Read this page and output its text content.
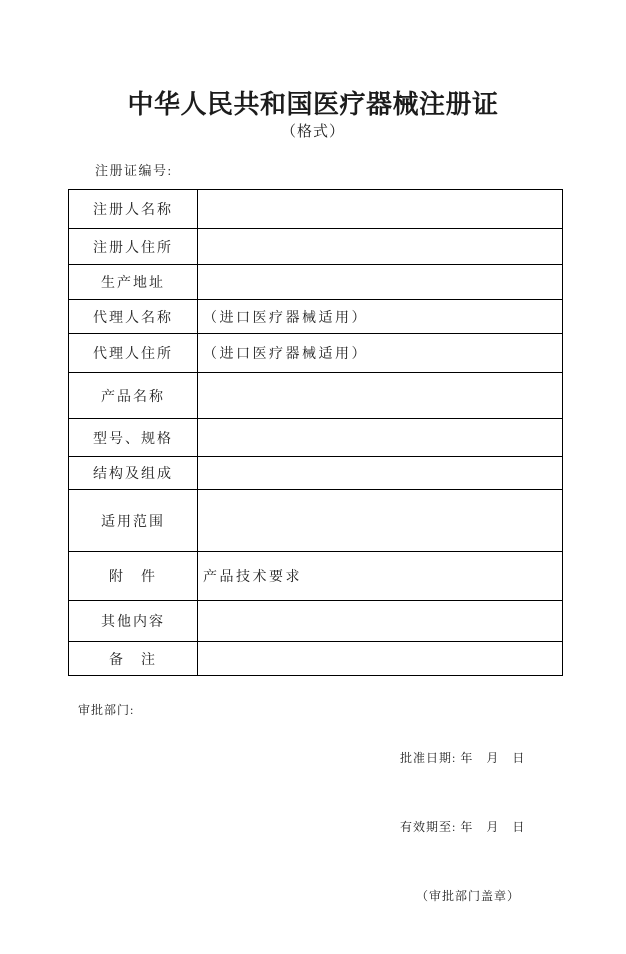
中华人民共和国医疗器械注册证
（格式）
注册证编号:
注册人名称	
注册人住所	
生产地址	
代理人名称	（进口医疗器械适用）
代理人住所	（进口医疗器械适用）
产品名称	
型号、规格	
结构及组成	
适用范围	
附　件	产品技术要求
其他内容	
备　注	
审批部门:

批准日期: 年　月　日

有效期至: 年　月　日

（审批部门盖章）
